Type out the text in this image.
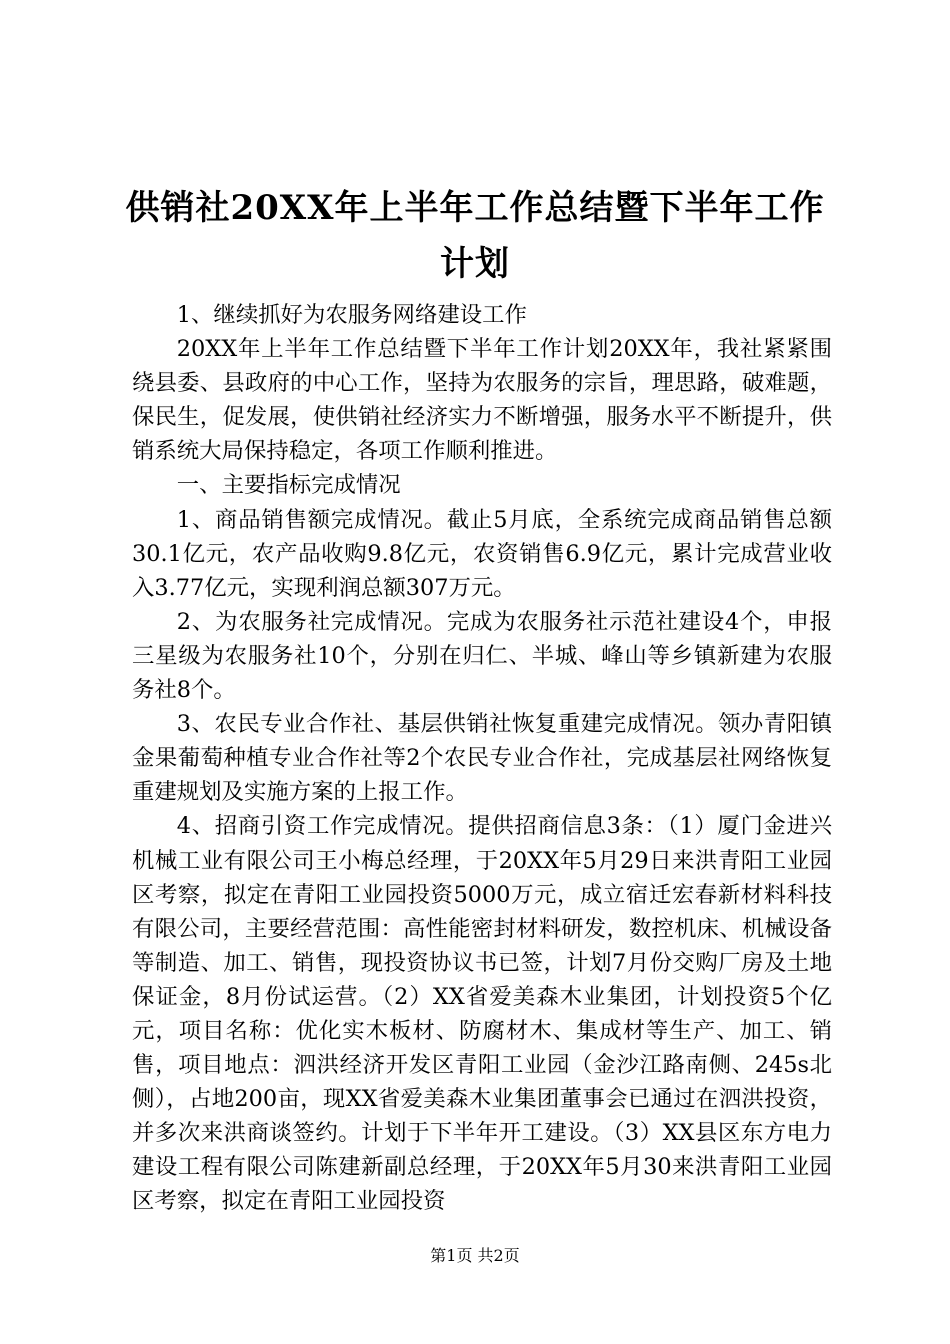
供销社20XX年上半年工作总结暨下半年工作
计划

1、继续抓好为农服务网络建设工作

20XX年上半年工作总结暨下半年工作计划20XX年，我社紧紧围绕县委、县政府的中心工作，坚持为农服务的宗旨，理思路，破难题，保民生，促发展，使供销社经济实力不断增强，服务水平不断提升，供销系统大局保持稳定，各项工作顺利推进。

一、主要指标完成情况

1、商品销售额完成情况。截止5月底，全系统完成商品销售总额30.1亿元，农产品收购9.8亿元，农资销售6.9亿元，累计完成营业收入3.77亿元，实现利润总额307万元。

2、为农服务社完成情况。完成为农服务社示范社建设4个，申报三星级为农服务社10个，分别在归仁、半城、峰山等乡镇新建为农服务社8个。

3、农民专业合作社、基层供销社恢复重建完成情况。领办青阳镇金果葡萄种植专业合作社等2个农民专业合作社，完成基层社网络恢复重建规划及实施方案的上报工作。

4、招商引资工作完成情况。提供招商信息3条：（1）厦门金进兴机械工业有限公司王小梅总经理，于20XX年5月29日来洪青阳工业园区考察，拟定在青阳工业园投资5000万元，成立宿迁宏春新材料科技有限公司，主要经营范围：高性能密封材料研发，数控机床、机械设备等制造、加工、销售，现投资协议书已签，计划7月份交购厂房及土地保证金，8月份试运营。（2）XX省爱美森木业集团，计划投资5个亿元，项目名称：优化实木板材、防腐材木、集成材等生产、加工、销售，项目地点：泗洪经济开发区青阳工业园（金沙江路南侧、245s北侧），占地200亩，现XX省爱美森木业集团董事会已通过在泗洪投资，并多次来洪商谈签约。计划于下半年开工建设。（3）XX县区东方电力建设工程有限公司陈建新副总经理，于20XX年5月30来洪青阳工业园区考察，拟定在青阳工业园投资

第1页 共2页
